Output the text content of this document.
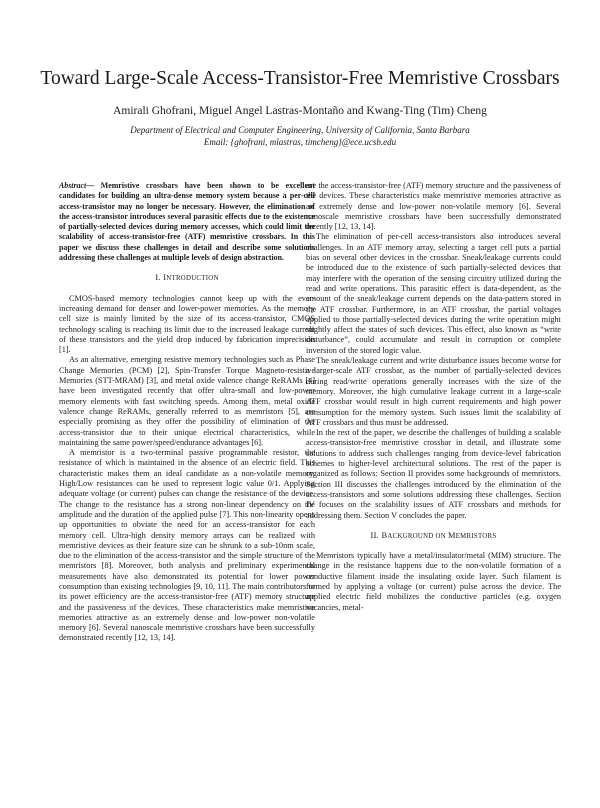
Toward Large-Scale Access-Transistor-Free Memristive Crossbars
Amirali Ghofrani, Miguel Angel Lastras-Montaño and Kwang-Ting (Tim) Cheng
Department of Electrical and Computer Engineering, University of California, Santa Barbara
Email: {ghofrani, mlastras, timcheng}@ece.ucsb.edu

Abstract— Memristive crossbars have been shown to be excellent candidates for building an ultra-dense memory system because a per-cell access-transistor may no longer be necessary. However, the elimination of the access-transistor introduces several parasitic effects due to the existence of partially-selected devices during memory accesses, which could limit the scalability of access-transistor-free (ATF) memristive crossbars. In this paper we discuss these challenges in detail and describe some solutions addressing these challenges at multiple levels of design abstraction.

I. INTRODUCTION

CMOS-based memory technologies cannot keep up with the ever-increasing demand for denser and lower-power memories. As the memory cell size is mainly limited by the size of its access-transistor, CMOS technology scaling is reaching its limit due to the increased leakage current of these transistors and the yield drop induced by fabrication imprecision [1].

As an alternative, emerging resistive memory technologies such as Phase Change Memories (PCM) [2], Spin-Transfer Torque Magneto-resistive Memories (STT-MRAM) [3], and metal oxide valence change ReRAMs [4] have been investigated recently that offer ultra-small and low-power memory elements with fast switching speeds. Among them, metal oxide valence change ReRAMs, generally referred to as memristors [5], are especially promising as they offer the possibility of elimination of the access-transistor due to their unique electrical characteristics, while maintaining the same power/speed/endurance advantages [6].

A memristor is a two-terminal passive programmable resistor, the resistance of which is maintained in the absence of an electric field. This characteristic makes them an ideal candidate as a non-volatile memory. High/Low resistances can be used to represent logic value 0/1. Applying adequate voltage (or current) pulses can change the resistance of the device. The change to the resistance has a strong non-linear dependency on the amplitude and the duration of the applied pulse [7]. This non-linearity opens up opportunities to obviate the need for an access-transistor for each memory cell. Ultra-high density memory arrays can be realized with memristive devices as their feature size can be shrunk to a sub-10nm scale, due to the elimination of the access-transistor and the simple structure of the memristors [8]. Moreover, both analysis and preliminary experimental measurements have also demonstrated its potential for lower power consumption than existing technologies [9, 10, 11]. The main contributors to its power efficiency are the access-transistor-free (ATF) memory structure and the passiveness of the devices. These characteristics make memristive memories attractive as an extremely dense and low-power non-volatile memory [6]. Several nanoscale memristive crossbars have been successfully demonstrated recently [12, 13, 14].

are the access-transistor-free (ATF) memory structure and the passiveness of the devices. These characteristics make memristive memories attractive as an extremely dense and low-power non-volatile memory [6]. Several nanoscale memristive crossbars have been successfully demonstrated recently [12, 13, 14].

The elimination of per-cell access-transistors also introduces several challenges. In an ATF memory array, selecting a target cell puts a partial bias on several other devices in the crossbar. Sneak/leakage currents could be introduced due to the existence of such partially-selected devices that may interfere with the operation of the sensing circuitry utilized during the read and write operations. This parasitic effect is data-dependent, as the amount of the sneak/leakage current depends on the data-pattern stored in the ATF crossbar. Furthermore, in an ATF crossbar, the partial voltages applied to those partially-selected devices during the write operation might slightly affect the states of such devices. This effect, also known as “write disturbance”, could accumulate and result in corruption or complete inversion of the stored logic value.

The sneak/leakage current and write disturbance issues become worse for a larger-scale ATF crossbar, as the number of partially-selected devices during read/write operations generally increases with the size of the memory. Moreover, the high cumulative leakage current in a large-scale ATF crossbar would result in high current requirements and high power consumption for the memory system. Such issues limit the scalability of ATF crossbars and thus must be addressed.

In the rest of the paper, we describe the challenges of building a scalable access-transistor-free memristive crossbar in detail, and illustrate some solutions to address such challenges ranging from device-level fabrication schemes to higher-level architectural solutions. The rest of the paper is organized as follows: Section II provides some backgrounds of memristors. Section III discusses the challenges introduced by the elimination of the access-transistors and some solutions addressing these challenges. Section IV focuses on the scalability issues of ATF crossbars and methods for addressing them. Section V concludes the paper.

II. BACKGROUND ON MEMRISTORS

Memristors typically have a metal/insulator/metal (MIM) structure. The change in the resistance happens due to the non-volatile formation of a conductive filament inside the insulating oxide layer. Such filament is formed by applying a voltage (or current) pulse across the device. The applied electric field mobilizes the conductive particles (e.g. oxygen vacancies, metal-
